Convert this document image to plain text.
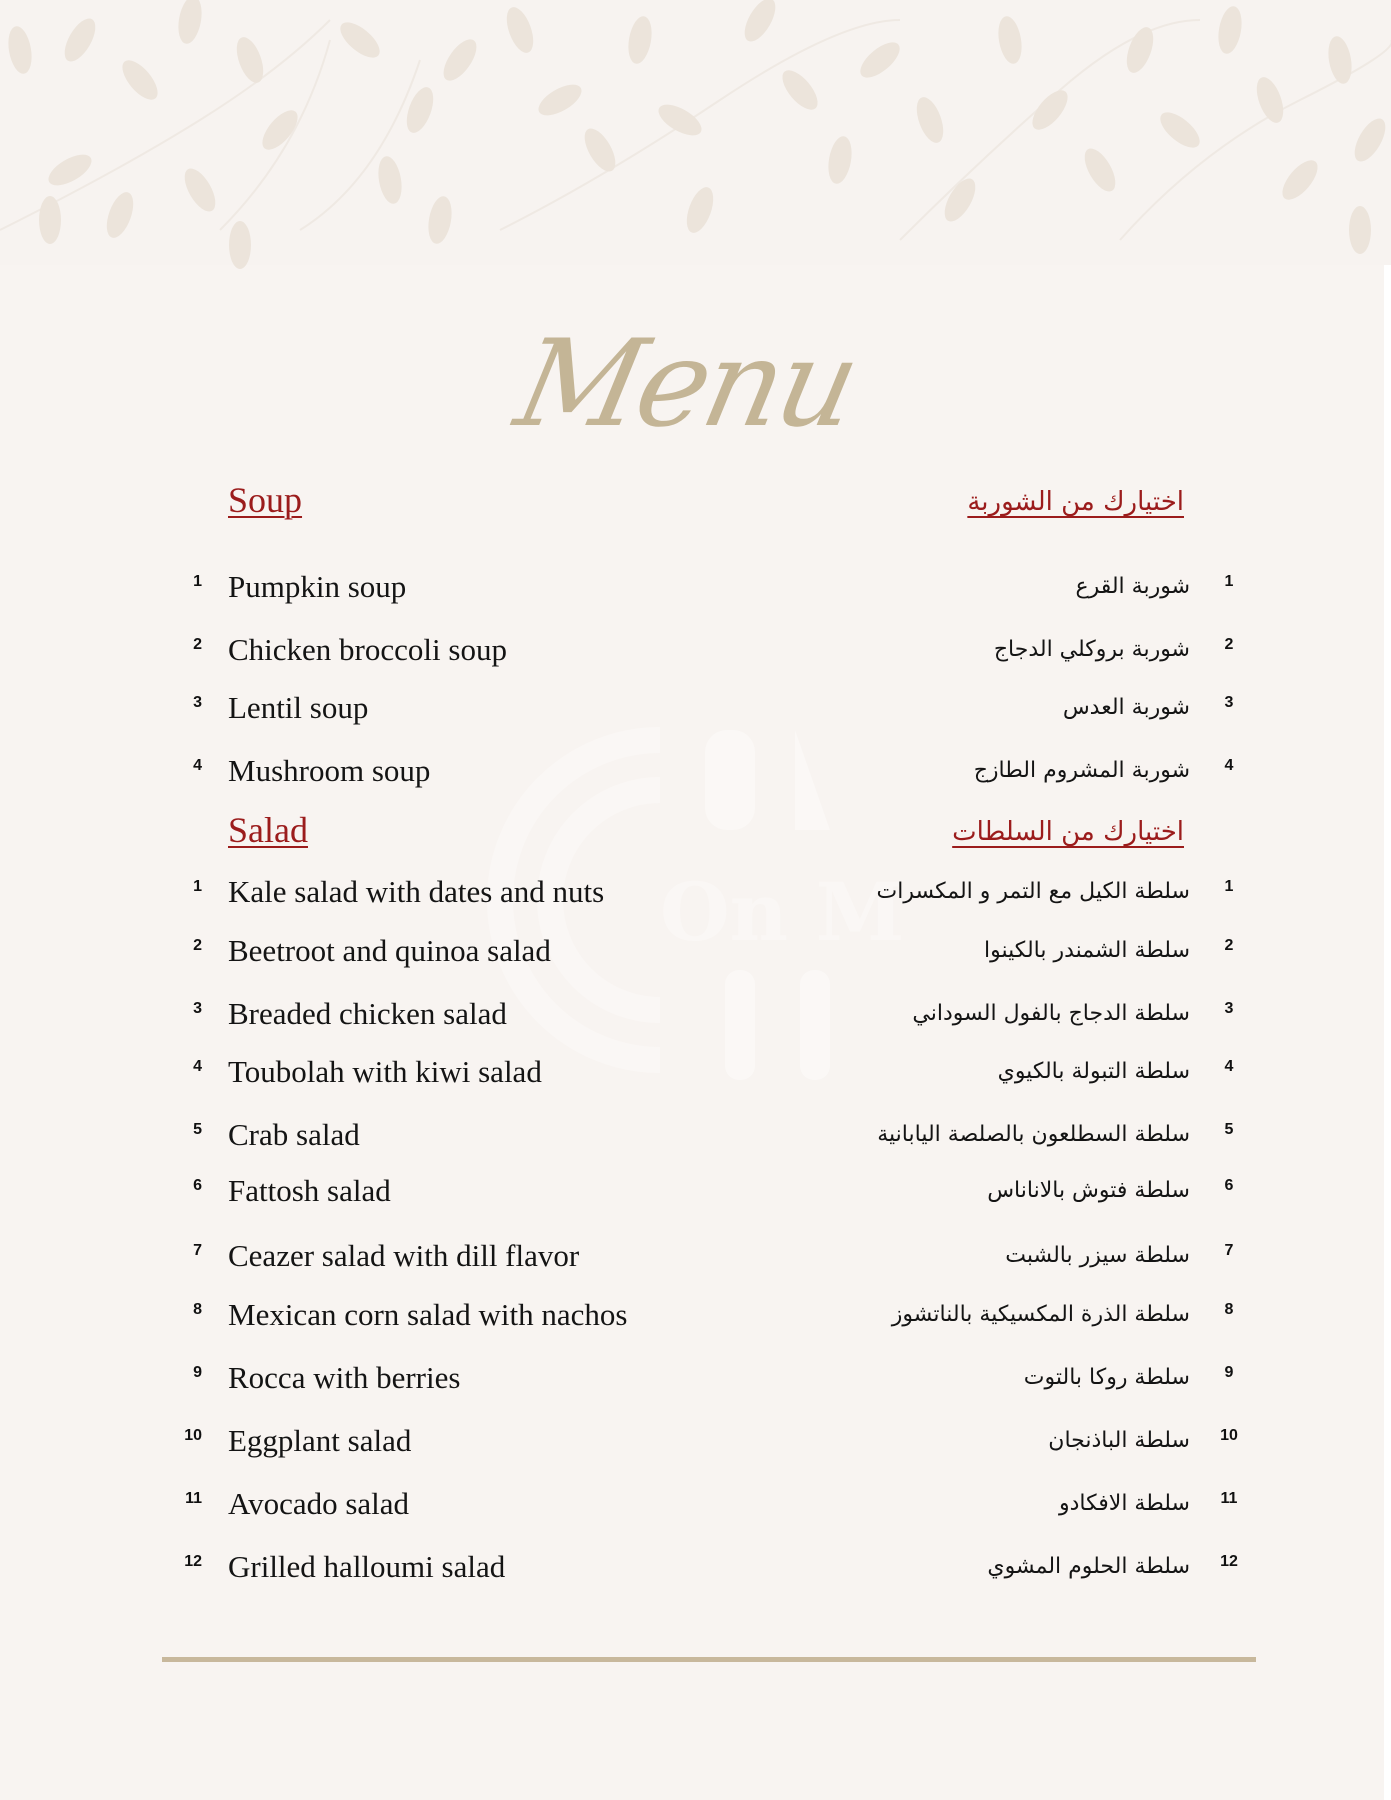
On M
Menu
Soup	اختيارك من الشوربة
1 Pumpkin soup	شوربة القرع	1
2 Chicken broccoli soup	شوربة بروكلي الدجاج	2
3 Lentil soup	شوربة العدس	3
4 Mushroom soup	شوربة المشروم الطازج	4
Salad	اختيارك من السلطات
1 Kale salad with dates and nuts	سلطة الكيل مع التمر و المكسرات	1
2 Beetroot and quinoa salad	سلطة الشمندر بالكينوا	2
3 Breaded chicken salad	سلطة الدجاج بالفول السوداني	3
4 Toubolah with kiwi salad	سلطة التبولة بالكيوي	4
5 Crab salad	سلطة السطلعون بالصلصة اليابانية	5
6 Fattosh salad	سلطة فتوش بالاناناس	6
7 Ceazer salad with dill flavor	سلطة سيزر بالشبت	7
8 Mexican corn salad with nachos	سلطة الذرة المكسيكية بالناتشوز	8
9 Rocca with berries	سلطة روكا بالتوت	9
10 Eggplant salad	سلطة الباذنجان 10
11 Avocado salad	سلطة الافكادو 11
12 Grilled halloumi salad	سلطة الحلوم المشوي 12
